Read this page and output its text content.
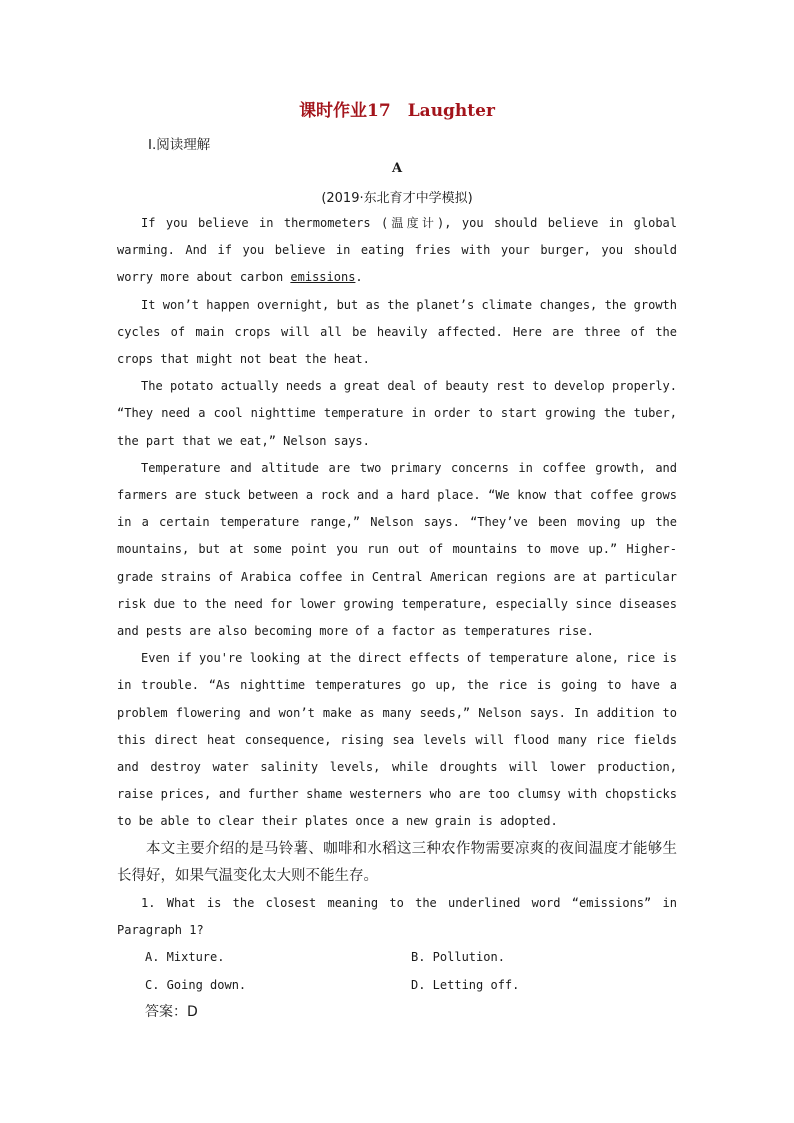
课时作业17　Laughter
Ⅰ.阅读理解
A
(2019·东北育才中学模拟)

If you believe in thermometers (温度计), you should believe in global warming. And if you believe in eating fries with your burger, you should worry more about carbon emissions.

It won’t happen overnight, but as the planet’s climate changes, the growth cycles of main crops will all be heavily affected. Here are three of the crops that might not beat the heat.

The potato actually needs a great deal of beauty rest to develop properly. “They need a cool nighttime temperature in order to start growing the tuber, the part that we eat,” Nelson says.

Temperature and altitude are two primary concerns in coffee growth, and farmers are stuck between a rock and a hard place. “We know that coffee grows in a certain temperature range,” Nelson says. “They’ve been moving up the mountains, but at some point you run out of mountains to move up.” Higher-grade strains of Arabica coffee in Central American regions are at particular risk due to the need for lower growing temperature, especially since diseases and pests are also becoming more of a factor as temperatures rise.

Even if you're looking at the direct effects of temperature alone, rice is in trouble. “As nighttime temperatures go up, the rice is going to have a problem flowering and won’t make as many seeds,” Nelson says. In addition to this direct heat consequence, rising sea levels will flood many rice fields and destroy water salinity levels, while droughts will lower production, raise prices, and further shame westerners who are too clumsy with chopsticks to be able to clear their plates once a new grain is adopted.

本文主要介绍的是马铃薯、咖啡和水稻这三种农作物需要凉爽的夜间温度才能够生长得好，如果气温变化太大则不能生存。

1. What is the closest meaning to the underlined word “emissions” in Paragraph 1?

A. Mixture.	B. Pollution.
C. Going down.	D. Letting off.

答案：D
